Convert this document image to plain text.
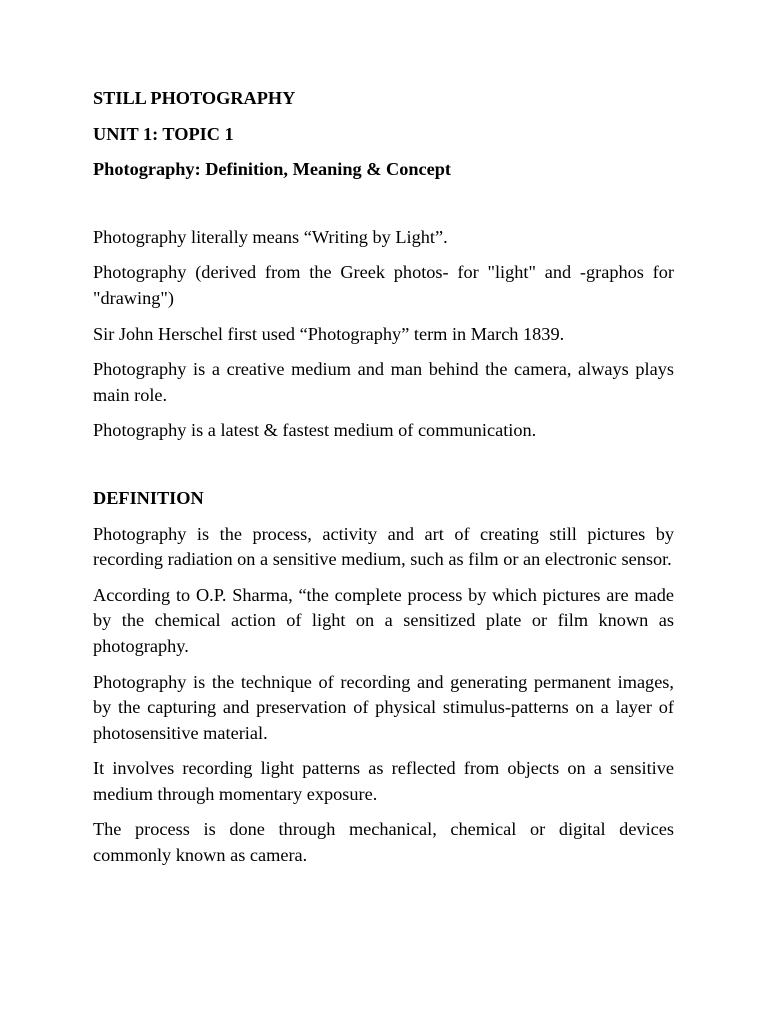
STILL PHOTOGRAPHY

UNIT 1: TOPIC 1

Photography: Definition, Meaning & Concept

Photography literally means “Writing by Light”.

Photography (derived from the Greek photos- for "light" and -graphos for "drawing")

Sir John Herschel first used “Photography” term in March 1839.

Photography is a creative medium and man behind the camera, always plays main role.

Photography is a latest & fastest medium of communication.

DEFINITION

Photography is the process, activity and art of creating still pictures by recording radiation on a sensitive medium, such as film or an electronic sensor.

According to O.P. Sharma, “the complete process by which pictures are made by the chemical action of light on a sensitized plate or film known as photography.

Photography is the technique of recording and generating permanent images, by the capturing and preservation of physical stimulus-patterns on a layer of photosensitive material.

It involves recording light patterns as reflected from objects on a sensitive medium through momentary exposure.

The process is done through mechanical, chemical or digital devices commonly known as camera.
